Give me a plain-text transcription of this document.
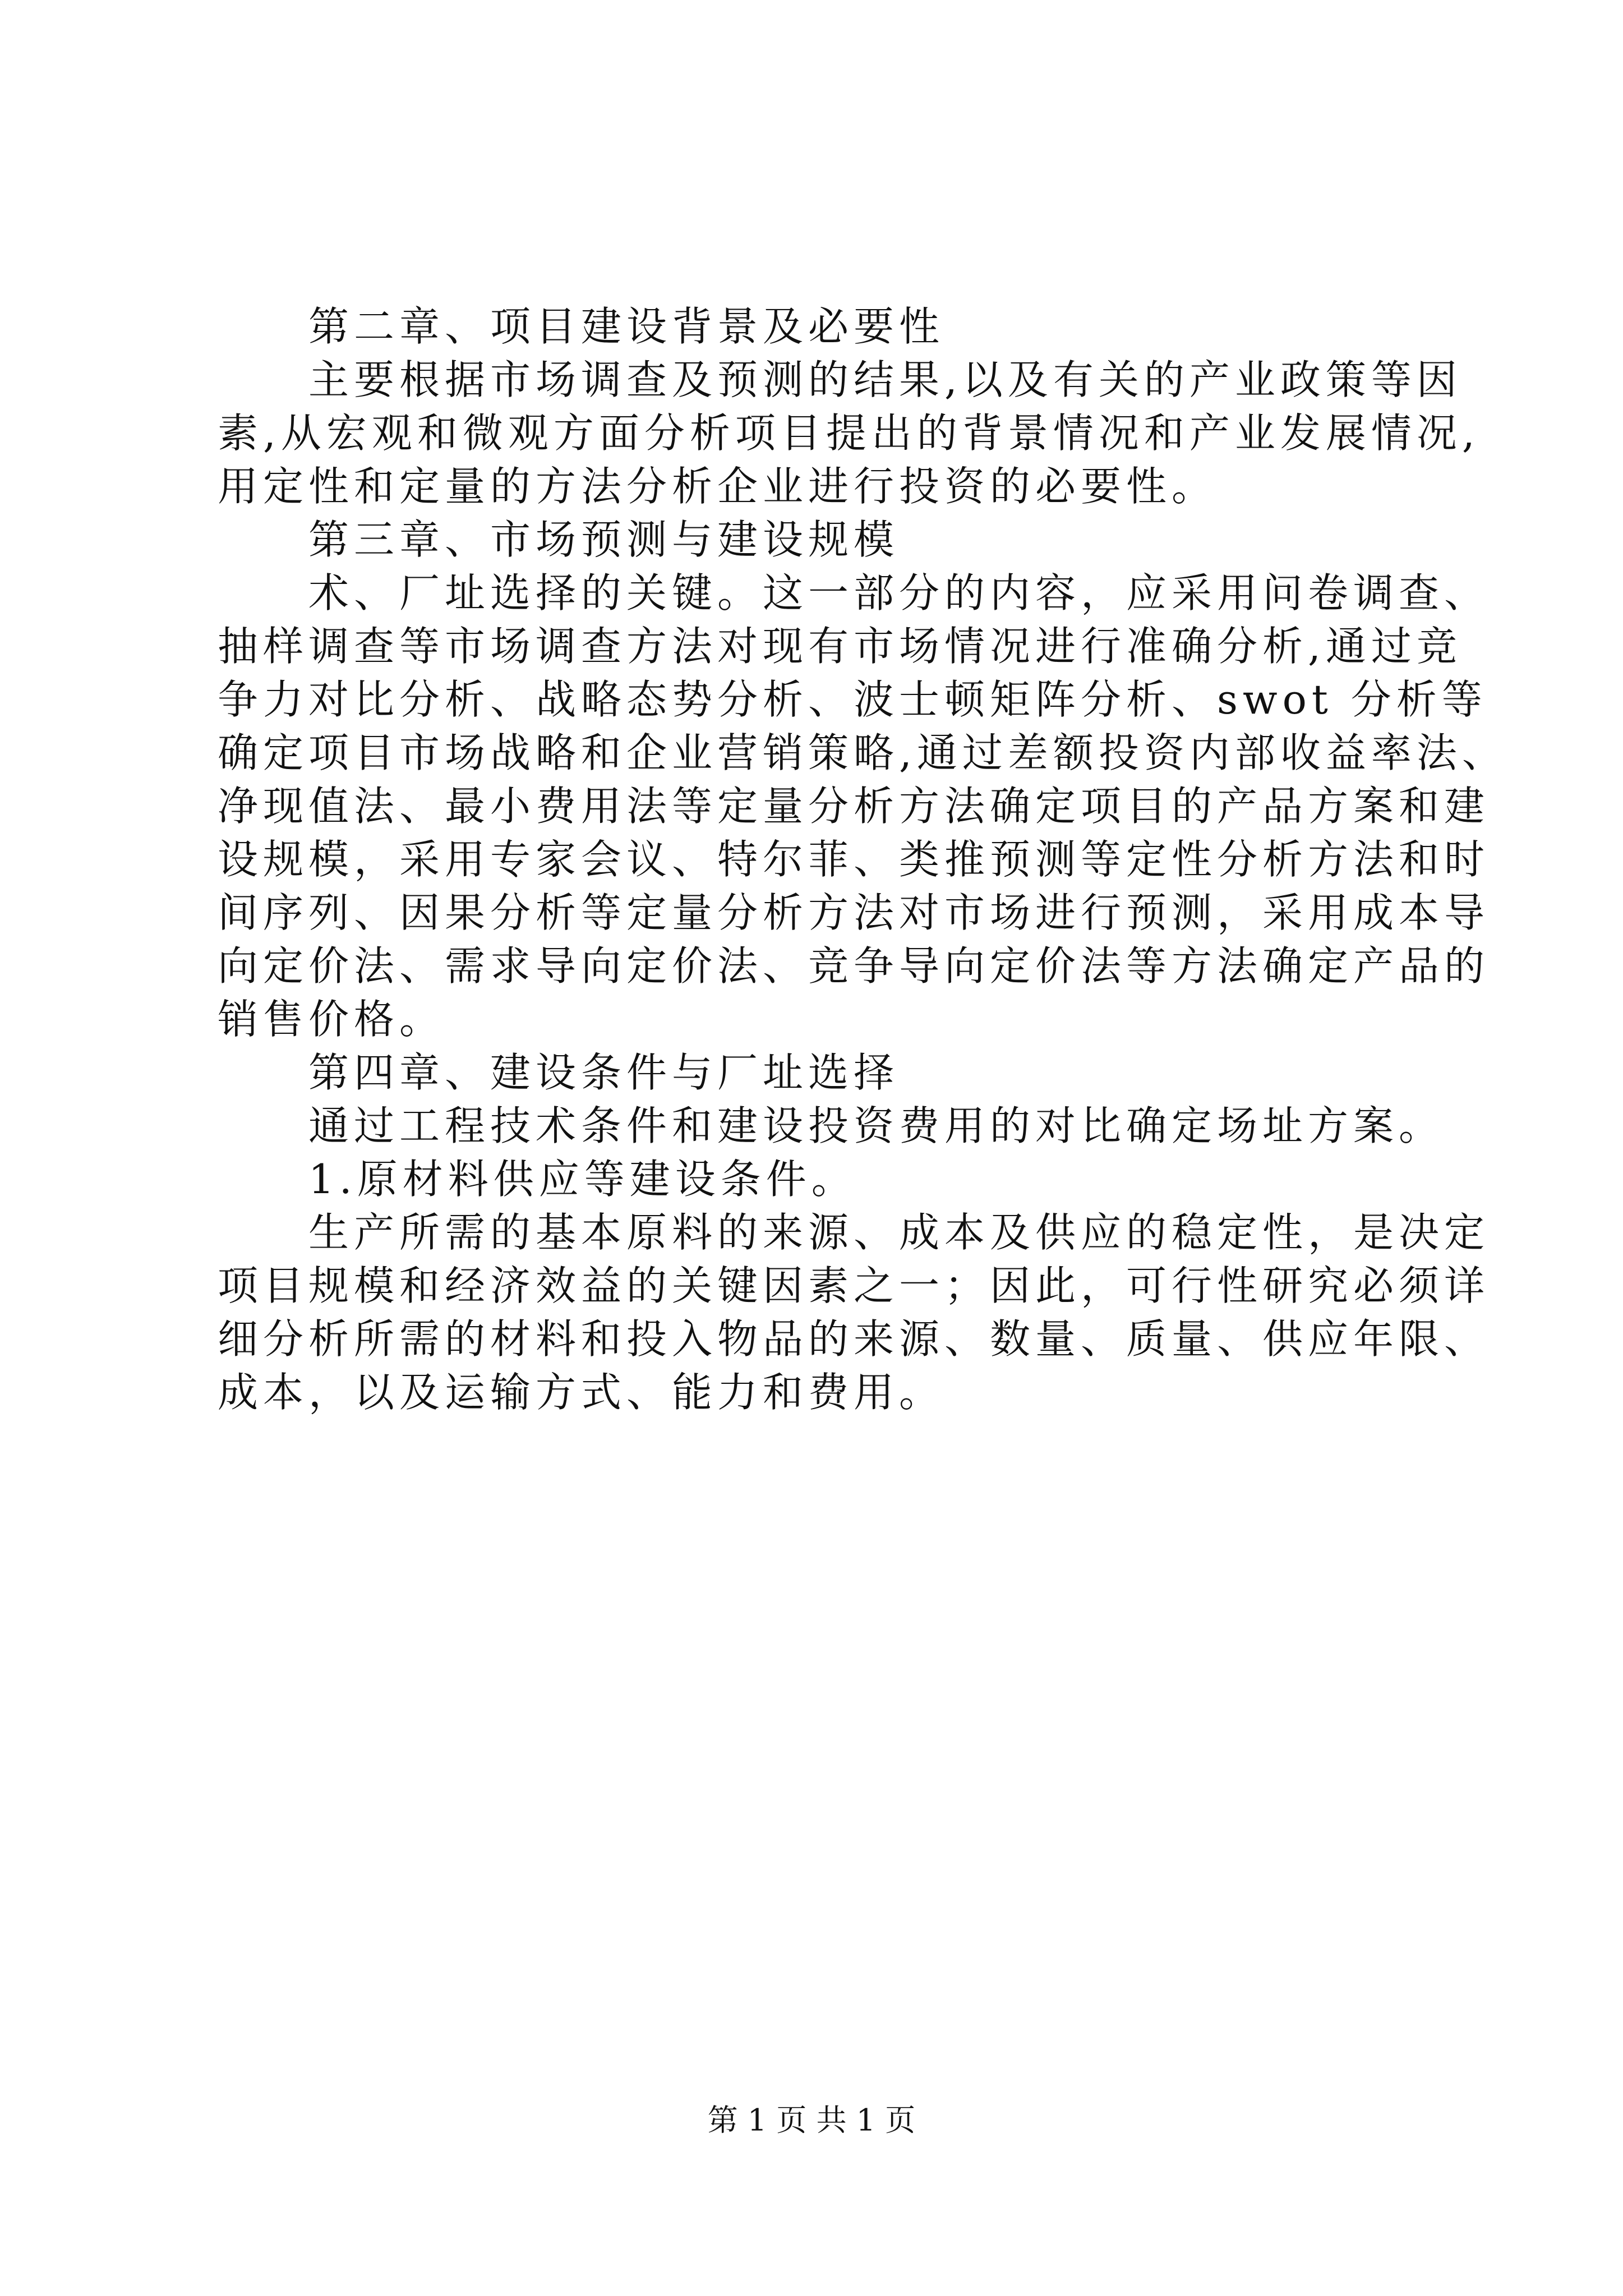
第二章、项目建设背景及必要性
主要根据市场调查及预测的结果,以及有关的产业政策等因
素,从宏观和微观方面分析项目提出的背景情况和产业发展情况,
用定性和定量的方法分析企业进行投资的必要性。
第三章、市场预测与建设规模
术、厂址选择的关键。这一部分的内容，应采用问卷调查、
抽样调查等市场调查方法对现有市场情况进行准确分析,通过竞
争力对比分析、战略态势分析、波士顿矩阵分析、swot 分析等
确定项目市场战略和企业营销策略,通过差额投资内部收益率法、
净现值法、最小费用法等定量分析方法确定项目的产品方案和建
设规模，采用专家会议、特尔菲、类推预测等定性分析方法和时
间序列、因果分析等定量分析方法对市场进行预测，采用成本导
向定价法、需求导向定价法、竞争导向定价法等方法确定产品的
销售价格。
第四章、建设条件与厂址选择
通过工程技术条件和建设投资费用的对比确定场址方案。
1.原材料供应等建设条件。
生产所需的基本原料的来源、成本及供应的稳定性，是决定
项目规模和经济效益的关键因素之一；因此，可行性研究必须详
细分析所需的材料和投入物品的来源、数量、质量、供应年限、
成本，以及运输方式、能力和费用。
第 1 页 共 1 页
